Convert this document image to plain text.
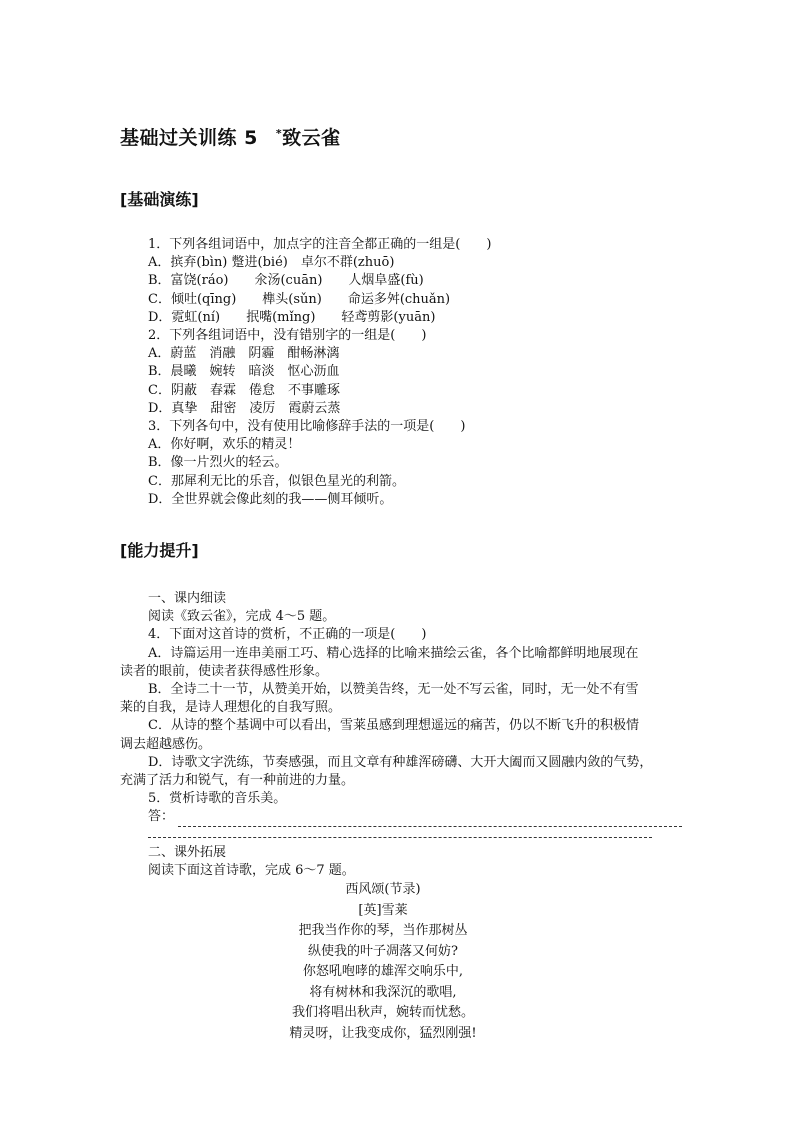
基础过关训练 5 *致云雀
[基础演练]
1．下列各组词语中，加点字的注音全都正确的一组是(　　)
A．摈弃(bìn) 蹩进(bié)　卓尔不群(zhuō)
B．富饶(ráo)　　氽汤(cuān)　　人烟阜盛(fù)
C．倾吐(qīng)　　榫头(sǔn)　　命运多舛(chuǎn)
D．霓虹(ní)　　抿嘴(mǐng)　　轻鸢剪影(yuān)
2．下列各组词语中，没有错别字的一组是(　　)
A．蔚蓝　消融　阴霾　酣畅淋漓
B．晨曦　婉转　暗淡　怄心沥血
C．阴蔽　春霖　倦怠　不事雕琢
D．真挚　甜密　凌厉　霞蔚云蒸
3．下列各句中，没有使用比喻修辞手法的一项是(　　)
A．你好啊，欢乐的精灵！
B．像一片烈火的轻云。
C．那犀利无比的乐音，似银色星光的利箭。
D．全世界就会像此刻的我——侧耳倾听。
[能力提升]
一、课内细读
阅读《致云雀》，完成 4～5 题。
4．下面对这首诗的赏析，不正确的一项是(　　)
A．诗篇运用一连串美丽工巧、精心选择的比喻来描绘云雀，各个比喻都鲜明地展现在
读者的眼前，使读者获得感性形象。
B．全诗二十一节，从赞美开始，以赞美告终，无一处不写云雀，同时，无一处不有雪
莱的自我，是诗人理想化的自我写照。
C．从诗的整个基调中可以看出，雪莱虽感到理想遥远的痛苦，仍以不断飞升的积极情
调去超越感伤。
D．诗歌文字洗练，节奏感强，而且文章有种雄浑磅礴、大开大阖而又圆融内敛的气势，
充满了活力和锐气，有一种前进的力量。
5．赏析诗歌的音乐美。
答：
二、课外拓展
阅读下面这首诗歌，完成 6～7 题。
西风颂(节录)
[英]雪莱
把我当作你的琴，当作那树丛
纵使我的叶子凋落又何妨?
你怒吼咆哮的雄浑交响乐中,
将有树林和我深沉的歌唱,
我们将唱出秋声，婉转而忧愁。
精灵呀，让我变成你，猛烈刚强!
